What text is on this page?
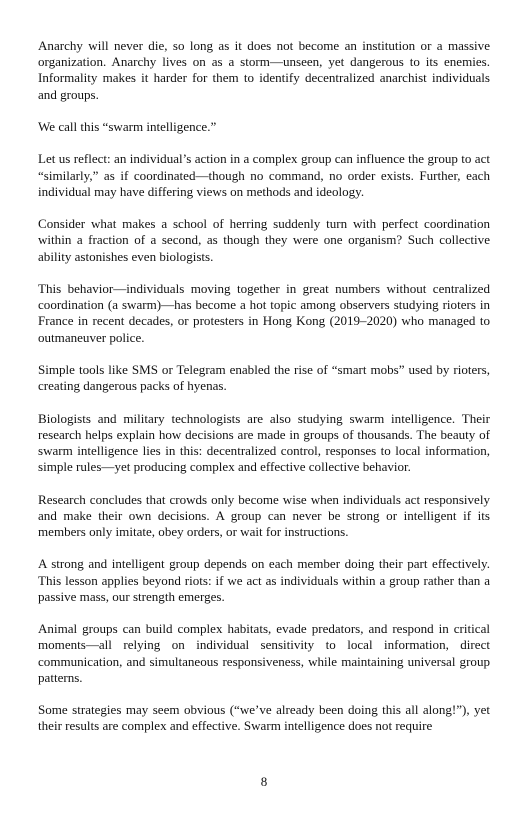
Anarchy will never die, so long as it does not become an institution or a massive organization. Anarchy lives on as a storm—unseen, yet dangerous to its enemies. Informality makes it harder for them to identify decentralized anarchist individuals and groups.

We call this “swarm intelligence.”

Let us reflect: an individual’s action in a complex group can influence the group to act “similarly,” as if coordinated—though no command, no order exists. Further, each individual may have differing views on methods and ideology.

Consider what makes a school of herring suddenly turn with perfect coordination within a fraction of a second, as though they were one organism? Such collective ability astonishes even biologists.

This behavior—individuals moving together in great numbers without centralized coordination (a swarm)—has become a hot topic among observers studying rioters in France in recent decades, or protesters in Hong Kong (2019–2020) who managed to outmaneuver police.

Simple tools like SMS or Telegram enabled the rise of “smart mobs” used by rioters, creating dangerous packs of hyenas.

Biologists and military technologists are also studying swarm intelligence. Their research helps explain how decisions are made in groups of thousands. The beauty of swarm intelligence lies in this: decentralized control, responses to local information, simple rules—yet producing complex and effective collective behavior.

Research concludes that crowds only become wise when individuals act responsively and make their own decisions. A group can never be strong or intelligent if its members only imitate, obey orders, or wait for instructions.

A strong and intelligent group depends on each member doing their part effectively. This lesson applies beyond riots: if we act as individuals within a group rather than a passive mass, our strength emerges.

Animal groups can build complex habitats, evade predators, and respond in critical moments—all relying on individual sensitivity to local information, direct communication, and simultaneous responsiveness, while maintaining universal group patterns.

Some strategies may seem obvious (“we’ve already been doing this all along!”), yet their results are complex and effective. Swarm intelligence does not require

8
